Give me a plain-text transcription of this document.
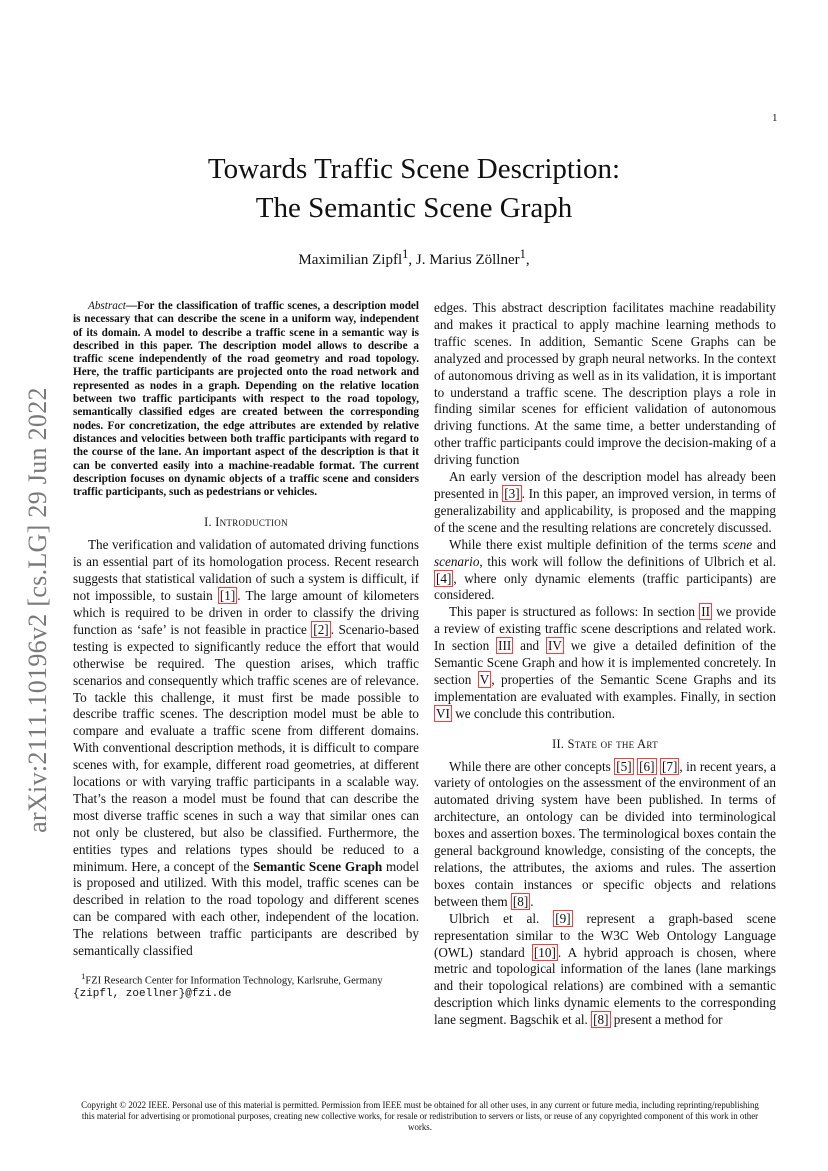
1
Towards Traffic Scene Description:
The Semantic Scene Graph
Maximilian Zipfl$^1$, J. Marius Zöllner$^1$,
arXiv:2111.10196v2 [cs.LG] 29 Jun 2022

Abstract—For the classification of traffic scenes, a description model is necessary that can describe the scene in a uniform way, independent of its domain. A model to describe a traffic scene in a semantic way is described in this paper. The description model allows to describe a traffic scene independently of the road geometry and road topology. Here, the traffic participants are projected onto the road network and represented as nodes in a graph. Depending on the relative location between two traffic participants with respect to the road topology, semantically classified edges are created between the corresponding nodes. For concretization, the edge attributes are extended by relative distances and velocities between both traffic participants with regard to the course of the lane. An important aspect of the description is that it can be converted easily into a machine-readable format. The current description focuses on dynamic objects of a traffic scene and considers traffic participants, such as pedestrians or vehicles.

I. Introduction

The verification and validation of automated driving functions is an essential part of its homologation process. Recent research suggests that statistical validation of such a system is difficult, if not impossible, to sustain [1] . The large amount of kilometers which is required to be driven in order to classify the driving function as ‘safe’ is not feasible in practice [2] . Scenario-based testing is expected to significantly reduce the effort that would otherwise be required. The question arises, which traffic scenarios and consequently which traffic scenes are of relevance. To tackle this challenge, it must first be made possible to describe traffic scenes. The description model must be able to compare and evaluate a traffic scene from different domains. With conventional description methods, it is difficult to compare scenes with, for example, different road geometries, at different locations or with varying traffic participants in a scalable way. That’s the reason a model must be found that can describe the most diverse traffic scenes in such a way that similar ones can not only be clustered, but also be classified. Furthermore, the entities types and relations types should be reduced to a minimum. Here, a concept of the Semantic Scene Graph model is proposed and utilized. With this model, traffic scenes can be described in relation to the road topology and different scenes can be compared with each other, independent of the location. The relations between traffic participants are described by semantically classified

$^1$FZI Research Center for Information Technology, Karlsruhe, Germany
{zipfl, zoellner}@fzi.de

edges. This abstract description facilitates machine readability and makes it practical to apply machine learning methods to traffic scenes. In addition, Semantic Scene Graphs can be analyzed and processed by graph neural networks. In the context of autonomous driving as well as in its validation, it is important to understand a traffic scene. The description plays a role in finding similar scenes for efficient validation of autonomous driving functions. At the same time, a better understanding of other traffic participants could improve the decision-making of a driving function

An early version of the description model has already been presented in [3] . In this paper, an improved version, in terms of generalizability and applicability, is proposed and the mapping of the scene and the resulting relations are concretely discussed.

While there exist multiple definition of the terms scene and scenario, this work will follow the definitions of Ulbrich et al. [4] , where only dynamic elements (traffic participants) are considered.

This paper is structured as follows: In section II we provide a review of existing traffic scene descriptions and related work. In section III and IV we give a detailed definition of the Semantic Scene Graph and how it is implemented concretely. In section V , properties of the Semantic Scene Graphs and its implementation are evaluated with examples. Finally, in section VI we conclude this contribution.

II. State of the Art

While there are other concepts [5] [6] [7] , in recent years, a variety of ontologies on the assessment of the environment of an automated driving system have been published. In terms of architecture, an ontology can be divided into terminological boxes and assertion boxes. The terminological boxes contain the general background knowledge, consisting of the concepts, the relations, the attributes, the axioms and rules. The assertion boxes contain instances or specific objects and relations between them [8] .

Ulbrich et al. [9] represent a graph-based scene representation similar to the W3C Web Ontology Language (OWL) standard [10] . A hybrid approach is chosen, where metric and topological information of the lanes (lane markings and their topological relations) are combined with a semantic description which links dynamic elements to the corresponding lane segment. Bagschik et al. [8] present a method for

Copyright © 2022 IEEE. Personal use of this material is permitted. Permission from IEEE must be obtained for all other uses, in any current or future media, including reprinting/republishing this material for advertising or promotional purposes, creating new collective works, for resale or redistribution to servers or lists, or reuse of any copyrighted component of this work in other works.
